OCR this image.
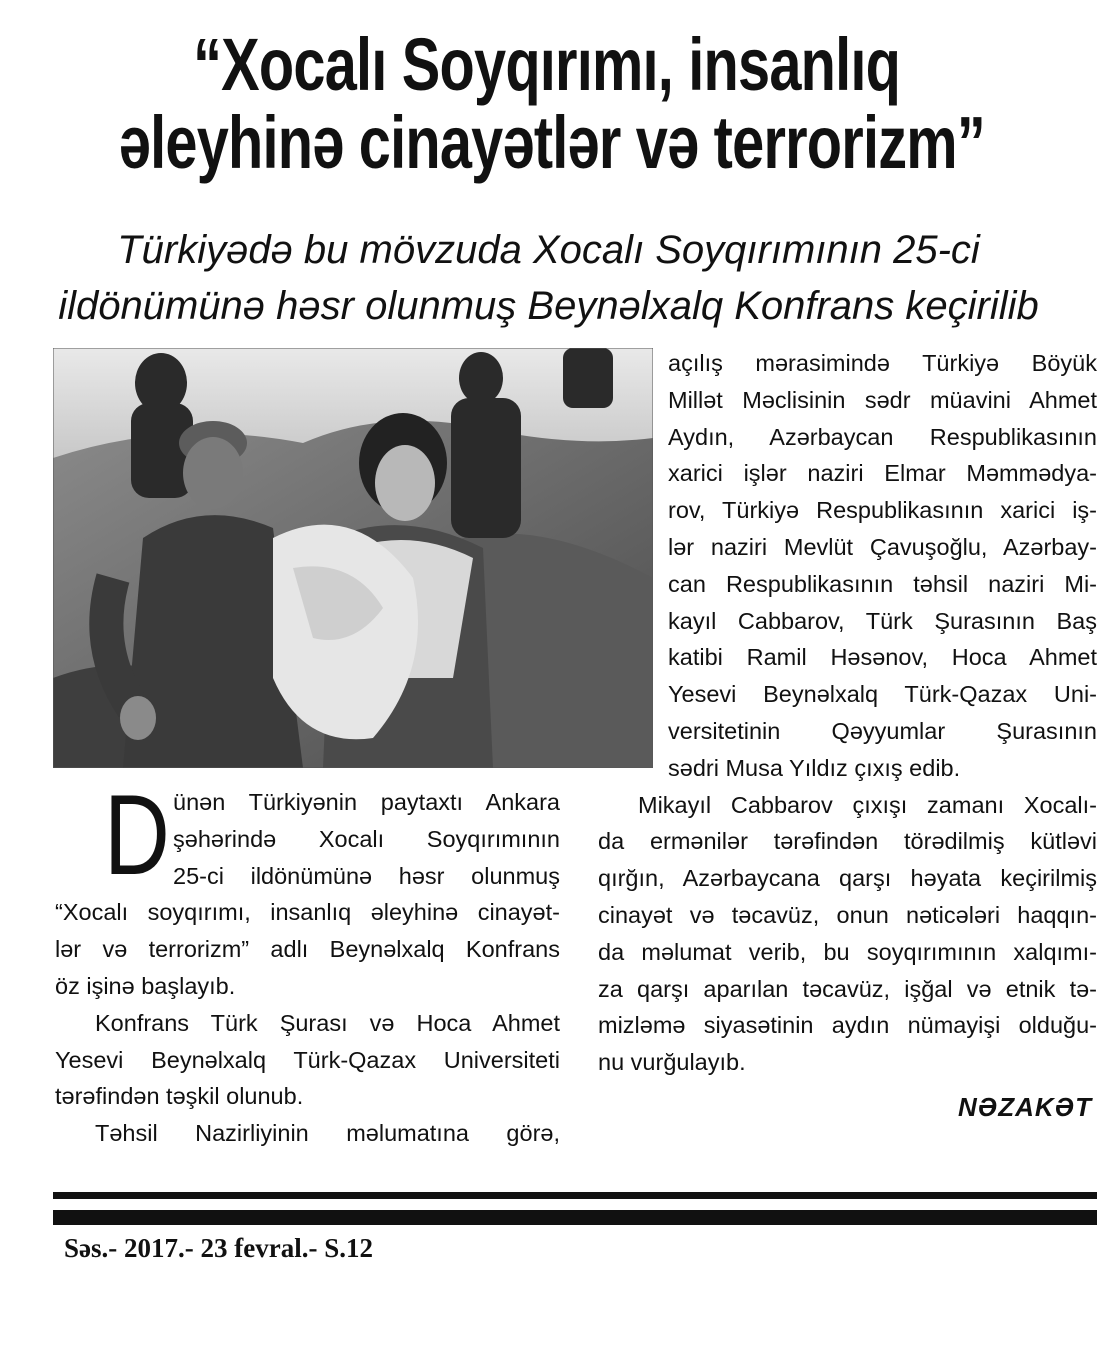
“Xocalı Soyqırımı, insanlıq
əleyhinə cinayətlər və terrorizm”
Türkiyədə bu mövzuda Xocalı Soyqırımının 25-ci
ildönümünə həsr olunmuş Beynəlxalq Konfrans keçirilib
D ünən Türkiyənin paytaxtı Ankara
şəhərində Xocalı Soyqırımının
25-ci ildönümünə həsr olunmuş
“Xocalı soyqırımı, insanlıq əleyhinə cinayət-
lər və terrorizm” adlı Beynəlxalq Konfrans
öz işinə başlayıb.
Konfrans Türk Şurası və Hoca Ahmet
Yesevi Beynəlxalq Türk-Qazax Universiteti
tərəfindən təşkil olunub.
Təhsil Nazirliyinin məlumatına görə,
açılış mərasimində Türkiyə Böyük
Millət Məclisinin sədr müavini Ahmet
Aydın, Azərbaycan Respublikasının
xarici işlər naziri Elmar Məmmədya-
rov, Türkiyə Respublikasının xarici iş-
lər naziri Mevlüt Çavuşoğlu, Azərbay-
can Respublikasının təhsil naziri Mi-
kayıl Cabbarov, Türk Şurasının Baş
katibi Ramil Həsənov, Hoca Ahmet
Yesevi Beynəlxalq Türk-Qazax Uni-
versitetinin Qəyyumlar Şurasının
sədri Musa Yıldız çıxış edib.
Mikayıl Cabbarov çıxışı zamanı Xocalı-
da ermənilər tərəfindən törədilmiş kütləvi
qırğın, Azərbaycana qarşı həyata keçirilmiş
cinayət və təcavüz, onun nəticələri haqqın-
da məlumat verib, bu soyqırımının xalqımı-
za qarşı aparılan təcavüz, işğal və etnik tə-
mizləmə siyasətinin aydın nümayişi olduğu-
nu vurğulayıb.
NƏZAKƏT
Səs.- 2017.- 23 fevral.- S.12
